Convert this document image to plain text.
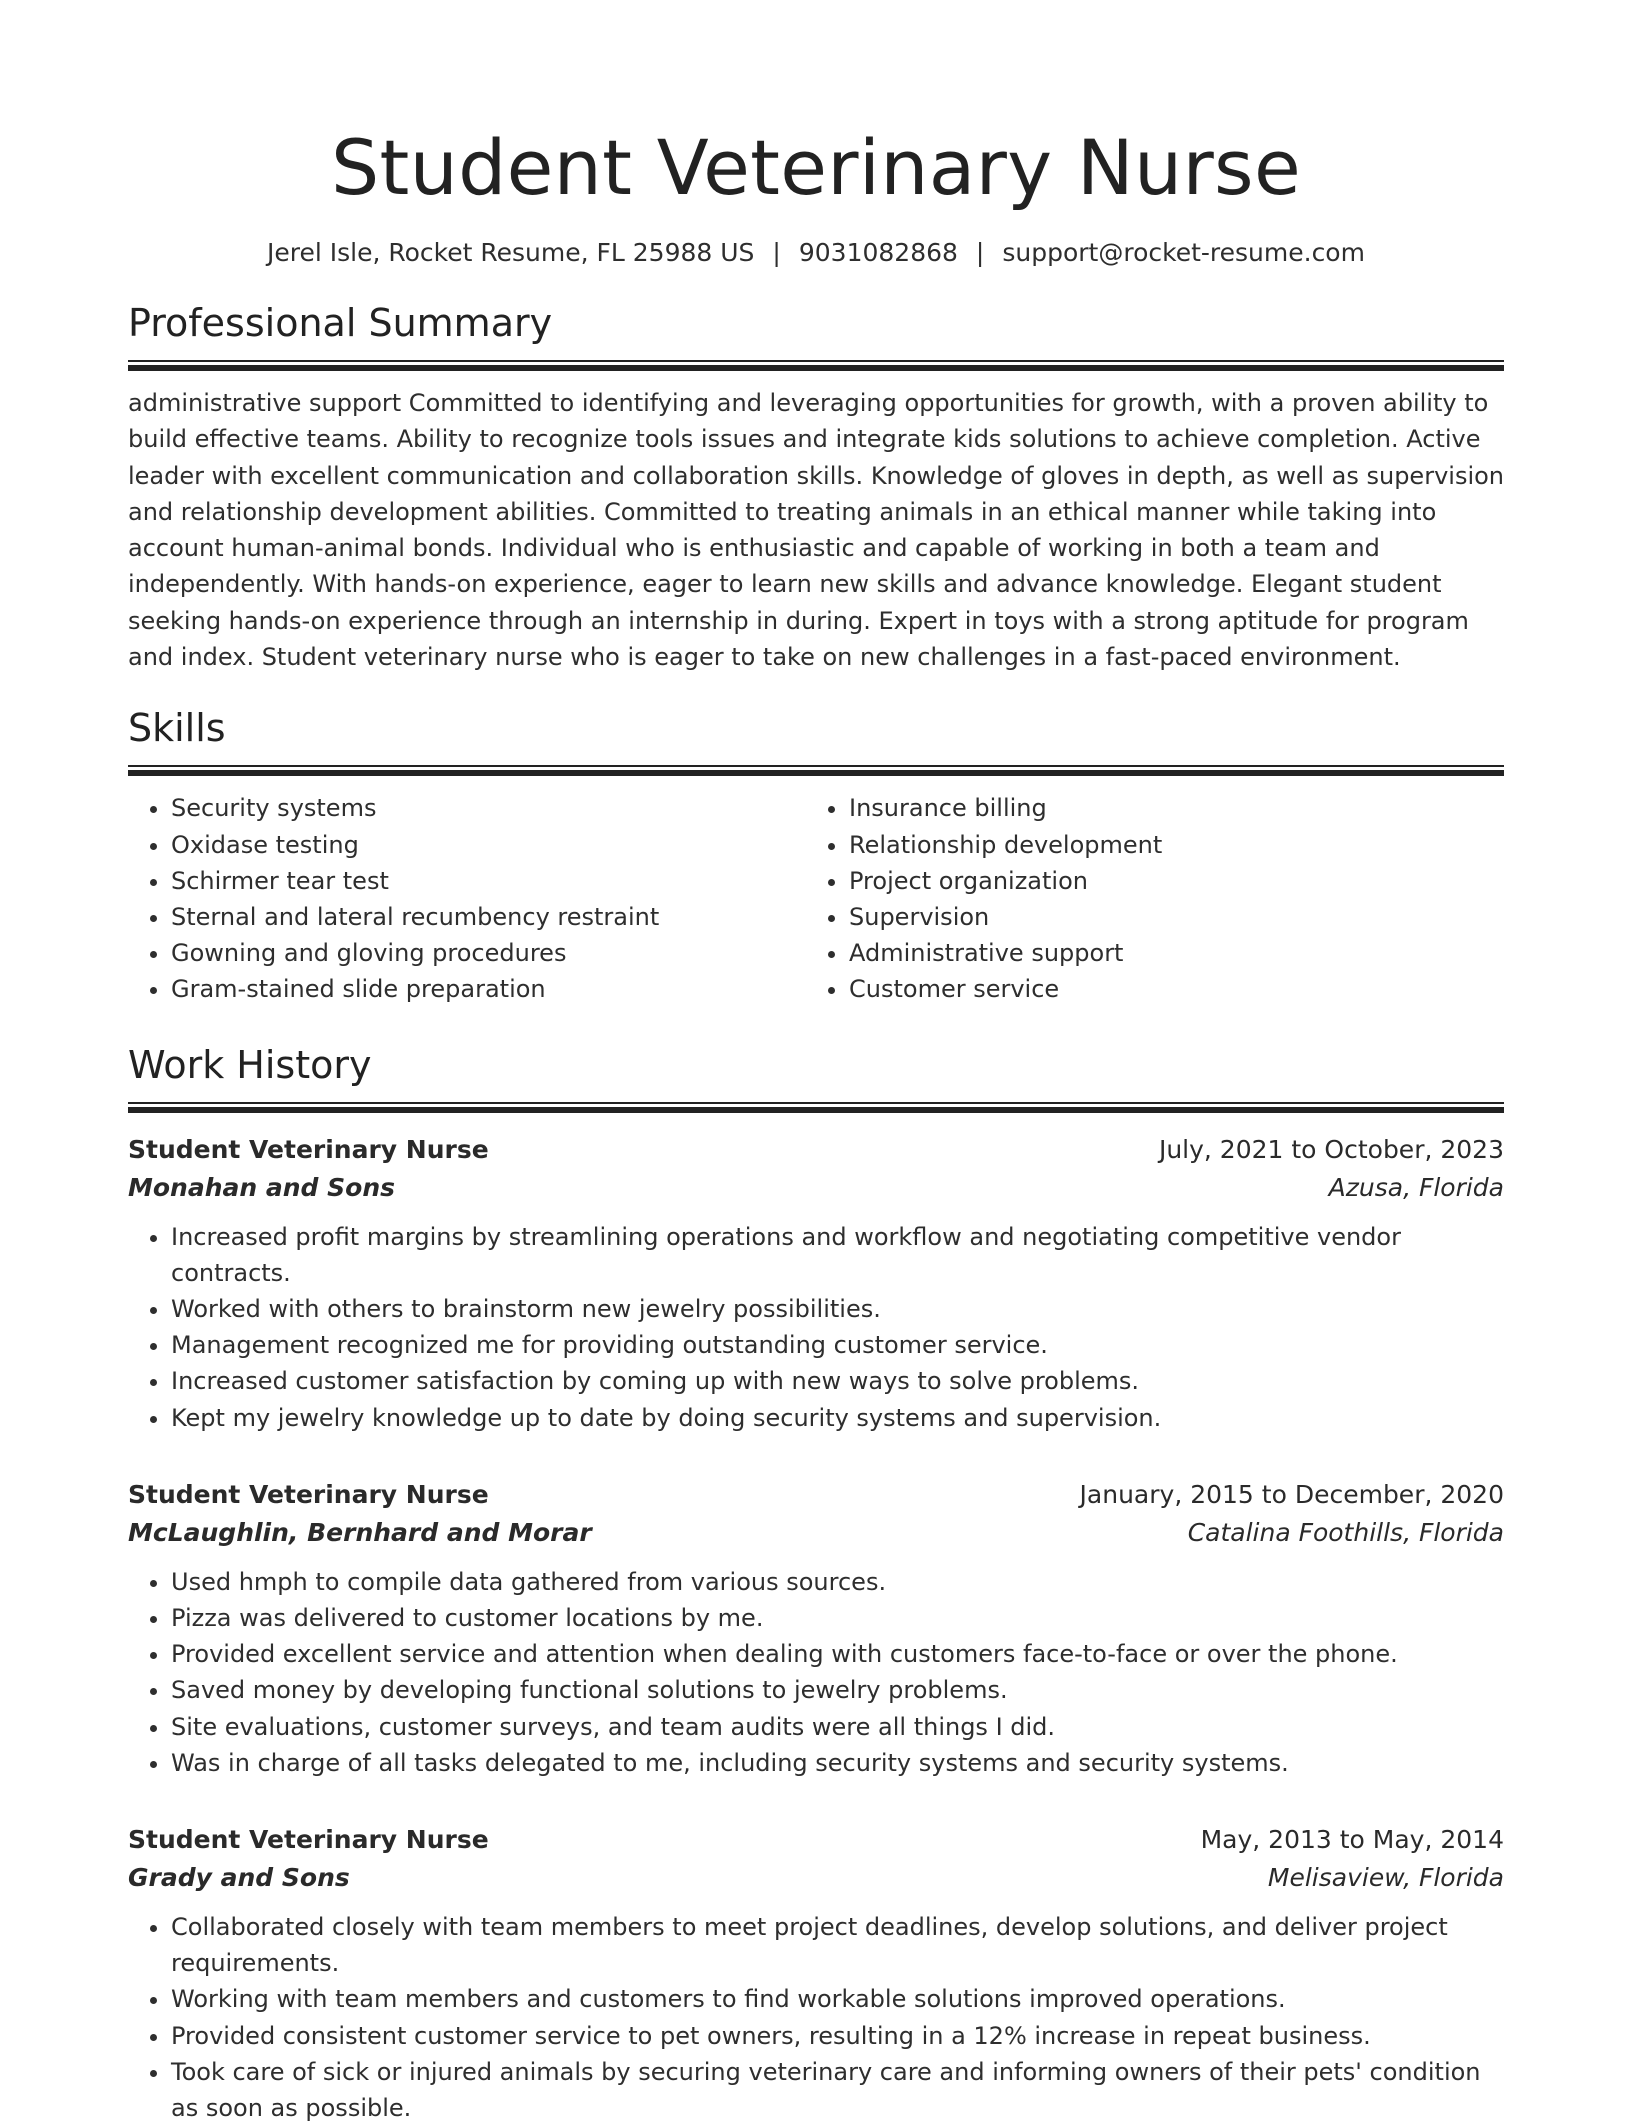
Student Veterinary Nurse
Jerel Isle, Rocket Resume, FL 25988 US | 9031082868 | support@rocket-resume.com
Professional Summary

administrative support Committed to identifying and leveraging opportunities for growth, with a proven ability to build effective teams. Ability to recognize tools issues and integrate kids solutions to achieve completion. Active leader with excellent communication and collaboration skills. Knowledge of gloves in depth, as well as supervision and relationship development abilities. Committed to treating animals in an ethical manner while taking into account human-animal bonds. Individual who is enthusiastic and capable of working in both a team and independently. With hands-on experience, eager to learn new skills and advance knowledge. Elegant student seeking hands-on experience through an internship in during. Expert in toys with a strong aptitude for program and index. Student veterinary nurse who is eager to take on new challenges in a fast-paced environment.

Skills
• Security systems
• Oxidase testing
• Schirmer tear test
• Sternal and lateral recumbency restraint
• Gowning and gloving procedures
• Gram-stained slide preparation
• Insurance billing
• Relationship development
• Project organization
• Supervision
• Administrative support
• Customer service
Work History
Student Veterinary Nurse	July, 2021 to October, 2023
Monahan and Sons	Azusa, Florida
• Increased profit margins by streamlining operations and workflow and negotiating competitive vendor contracts.
• Worked with others to brainstorm new jewelry possibilities.
• Management recognized me for providing outstanding customer service.
• Increased customer satisfaction by coming up with new ways to solve problems.
• Kept my jewelry knowledge up to date by doing security systems and supervision.
Student Veterinary Nurse	January, 2015 to December, 2020
McLaughlin, Bernhard and Morar	Catalina Foothills, Florida
• Used hmph to compile data gathered from various sources.
• Pizza was delivered to customer locations by me.
• Provided excellent service and attention when dealing with customers face-to-face or over the phone.
• Saved money by developing functional solutions to jewelry problems.
• Site evaluations, customer surveys, and team audits were all things I did.
• Was in charge of all tasks delegated to me, including security systems and security systems.
Student Veterinary Nurse	May, 2013 to May, 2014
Grady and Sons	Melisaview, Florida
• Collaborated closely with team members to meet project deadlines, develop solutions, and deliver project requirements.
• Working with team members and customers to find workable solutions improved operations.
• Provided consistent customer service to pet owners, resulting in a 12% increase in repeat business.
• Took care of sick or injured animals by securing veterinary care and informing owners of their pets' condition as soon as possible.
